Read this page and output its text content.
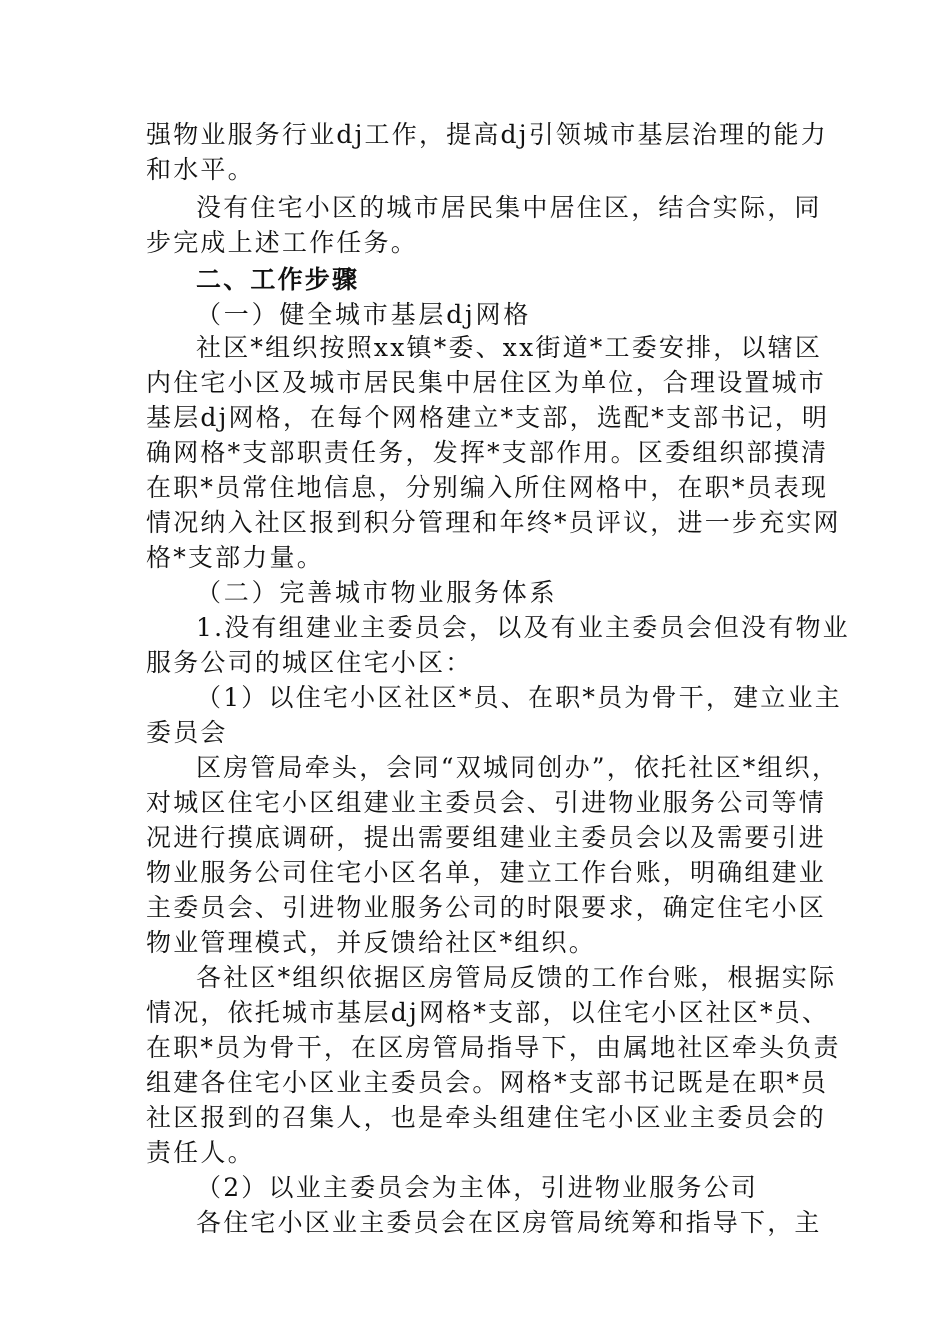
强物业服务行业dj工作，提高dj引领城市基层治理的能力
和水平。
没有住宅小区的城市居民集中居住区，结合实际，同
步完成上述工作任务。
二、工作步骤
（一）健全城市基层dj网格
社区*组织按照xx镇*委、xx街道*工委安排，以辖区
内住宅小区及城市居民集中居住区为单位，合理设置城市
基层dj网格，在每个网格建立*支部，选配*支部书记，明
确网格*支部职责任务，发挥*支部作用。区委组织部摸清
在职*员常住地信息，分别编入所住网格中，在职*员表现
情况纳入社区报到积分管理和年终*员评议，进一步充实网
格*支部力量。
（二）完善城市物业服务体系
1.没有组建业主委员会，以及有业主委员会但没有物业
服务公司的城区住宅小区：
（1）以住宅小区社区*员、在职*员为骨干，建立业主
委员会
区房管局牵头，会同“双城同创办”，依托社区*组织，
对城区住宅小区组建业主委员会、引进物业服务公司等情
况进行摸底调研，提出需要组建业主委员会以及需要引进
物业服务公司住宅小区名单，建立工作台账，明确组建业
主委员会、引进物业服务公司的时限要求，确定住宅小区
物业管理模式，并反馈给社区*组织。
各社区*组织依据区房管局反馈的工作台账，根据实际
情况，依托城市基层dj网格*支部，以住宅小区社区*员、
在职*员为骨干，在区房管局指导下，由属地社区牵头负责
组建各住宅小区业主委员会。网格*支部书记既是在职*员
社区报到的召集人，也是牵头组建住宅小区业主委员会的
责任人。
（2）以业主委员会为主体，引进物业服务公司
各住宅小区业主委员会在区房管局统筹和指导下，主
